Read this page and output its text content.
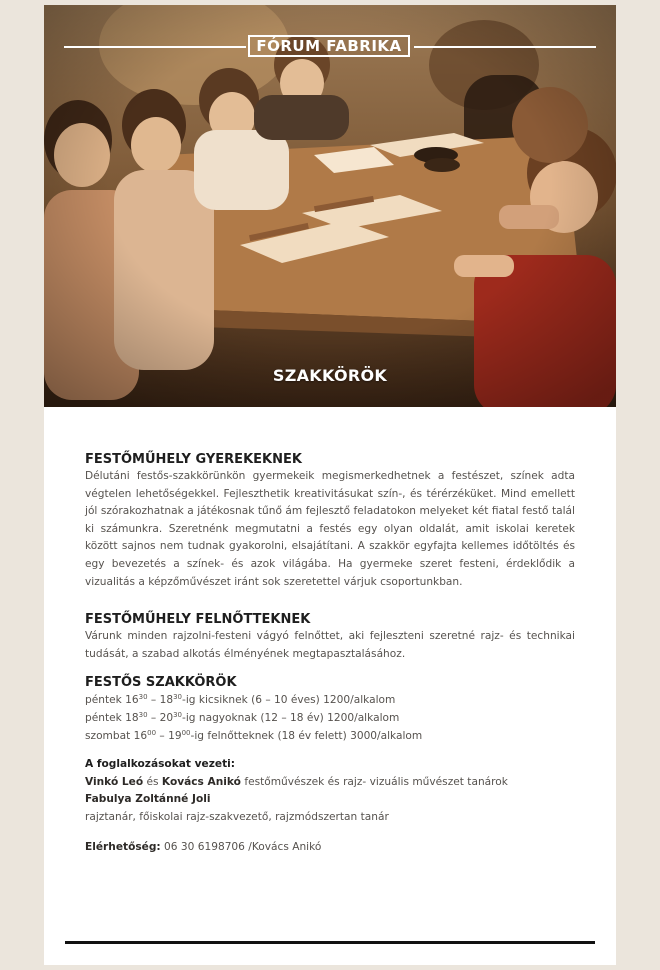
FÓRUM FABRIKA
SZAKKÖRÖK
FESTŐMŰHELY GYEREKEKNEK

Délutáni festős-szakkörünkön gyermekeik megismerkedhetnek a festészet, színek adta végtelen lehetőségekkel. Fejleszthetik kreativitásukat szín-, és térérzéküket. Mind emellett jól szórakozhatnak a játékosnak tűnő ám fejlesztő feladatokon melyeket két fiatal festő talál ki számunkra. Szeretnénk megmutatni a festés egy olyan oldalát, amit iskolai keretek között sajnos nem tudnak gyakorolni, elsajátítani. A szakkör egyfajta kellemes időtöltés és egy bevezetés a színek- és azok világába. Ha gyermeke szeret festeni, érdeklődik a vizualitás a képzőművészet iránt sok szeretettel várjuk csoportunkban.

FESTŐMŰHELY FELNŐTTEKNEK

Várunk minden rajzolni-festeni vágyó felnőttet, aki fejleszteni szeretné rajz- és technikai tudását, a szabad alkotás élményének megtapasztalásához.

FESTŐS SZAKKÖRÖK
péntek $16^{30} - 18^{30}-ig$ kicsiknek (6 – 10 éves) 1200/alkalom
péntek $18^{30} - 20^{30}-ig$ nagyoknak (12 – 18 év) 1200/alkalom
szombat $16^{00} - 19^{00}-ig$ felnőtteknek (18 év felett) 3000/alkalom
A foglalkozásokat vezeti:
Vinkó Leó és Kovács Anikó festőművészek és rajz- vizuális művészet tanárok
Fabulya Zoltánné Joli
rajztanár, főiskolai rajz-szakvezető, rajzmódszertan tanár
Elérhetőség: 06 30 6198706 /Kovács Anikó
